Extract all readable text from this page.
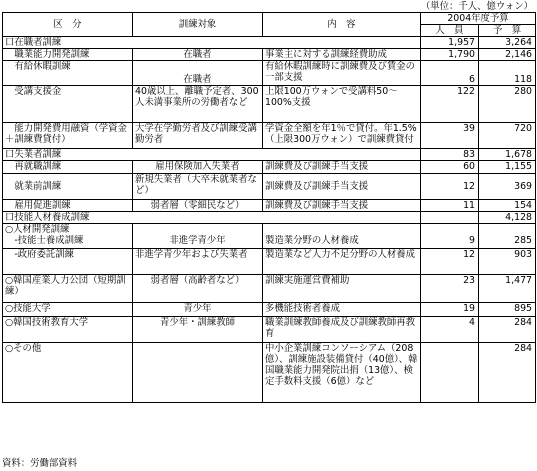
（単位：千人、億ウォン）
区　分	訓練対象	内　容	2004年度予算	
			人　員	予　算
口在職者訓練			1,957	3,264
　職業能力開発訓練	在職者	事業主に対する訓練経費助成	1,790	2,146
　有給休暇訓練	在職者	有給休暇訓練時に訓練費及び賃金の一部支援	6	118
　受講支援金	40歳以上、離職予定者、300人未満事業所の労働者など	上限100万ウォンで受講料50～100%支援	122	280
　能力開発費用融資（学資金＋訓練費貸付）	大学在学勤労者及び訓練受講勤労者	学資金全額を年1％で貸付。年1.5%（上限300万ウォン）で訓練費貸付	39	720
口失業者訓練			83	1,678
　再就職訓練	雇用保険加入失業者	訓練費及び訓練手当支援	60	1,155
　就業前訓練	新規失業者（大卒未就業者など）	訓練費及び訓練手当支援	12	369
　雇用促進訓練	弱者層（零細民など）	訓練費及び訓練手当支援	11	154
口技能人材養成訓練				4,128
○人材開発訓練				
　-技能士養成訓練	非進学青少年	製造業分野の人材養成	9	285
　-政府委託訓練	非進学青少年および失業者	製造業など人力不足分野の人材養成	12	903
○韓国産業人力公団（短期訓練）	弱者層（高齢者など）	訓練実施運営費補助	23	1,477
○技能大学	青少年	多機能技術者養成	19	895
○韓国技術教育大学	青少年・訓練教師	職業訓練教師養成及び訓練教師再教育	4	284
○その他		中小企業訓練コンソーシアム（208億）、訓練施設装備貸付（40億）、韓国職業能力開発院出捐（13億）、検定手数料支援（6億）など		284
資料：労働部資料
